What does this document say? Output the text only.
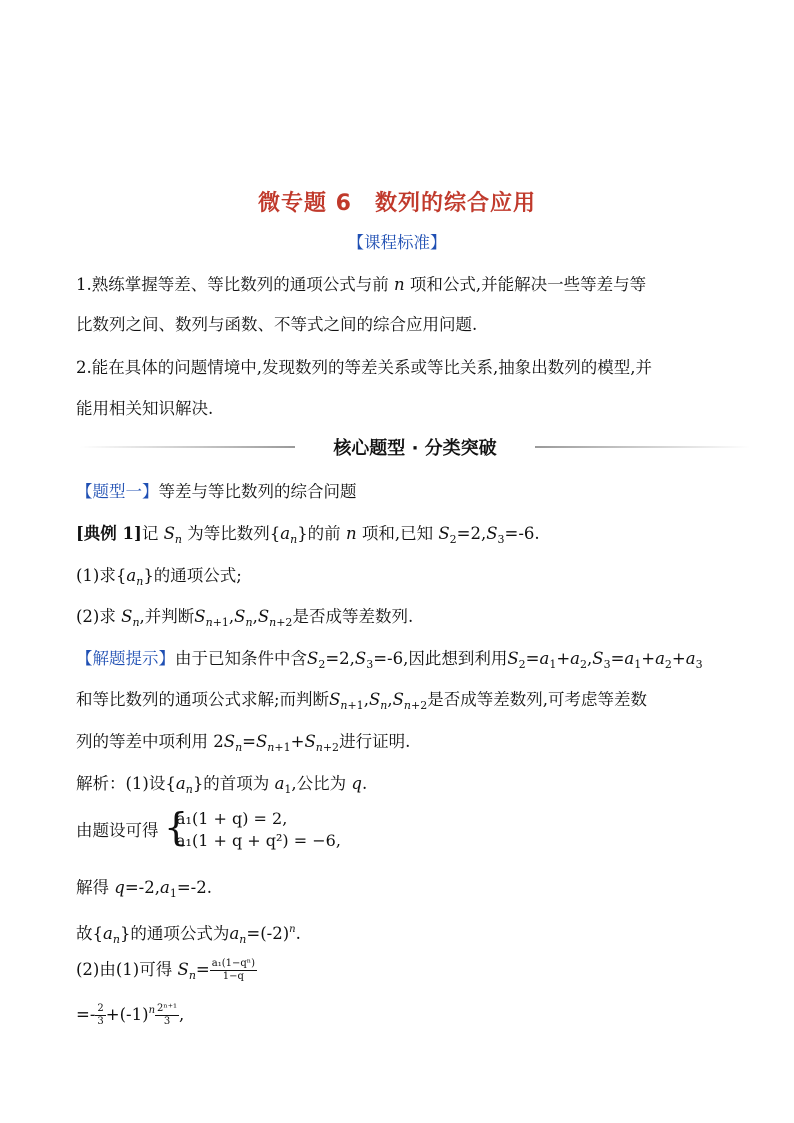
微专题 6　数列的综合应用
【课程标准】
1.熟练掌握等差、等比数列的通项公式与前 n 项和公式,并能解决一些等差与等
比数列之间、数列与函数、不等式之间的综合应用问题.
2.能在具体的问题情境中,发现数列的等差关系或等比关系,抽象出数列的模型,并
能用相关知识解决.
核心题型 · 分类突破
【题型一】等差与等比数列的综合问题
[典例 1]记 $S_n$ 为等比数列$\{a_n\}$的前 n 项和,已知 $S_2=2,S_3=-6$.
(1)求$\{a_n\}$的通项公式;
(2)求 $S_n$,并判断$S_{n+1},S_n,S_{n+2}$是否成等差数列.
【解题提示】由于已知条件中含$S_2=2,S_3=-6$,因此想到利用$S_2=a_1+a_2,S_3=a_1+a_2+a_3$
和等比数列的通项公式求解;而判断$S_{n+1},S_n,S_{n+2}$是否成等差数列,可考虑等差数
列的等差中项利用 $2S_n=S_{n+1}+S_{n+2}$进行证明.
解析：(1)设$\{a_n\}$的首项为 $a_1$,公比为 q.
由题设可得 {
a₁(1 + q) = 2,
a₁(1 + q + q²) = −6,
解得 $q=-2,a_1=-2$.
故$\{a_n\}$的通项公式为$a_n=(-2)^n$.
(2)由(1)可得 $S_n= \frac{\text{a₁(1−qⁿ)}}{1-q}$
=- $\frac{2}{3} +(-1)^n \frac{\text{2ⁿ⁺¹}}{3}$ ,
